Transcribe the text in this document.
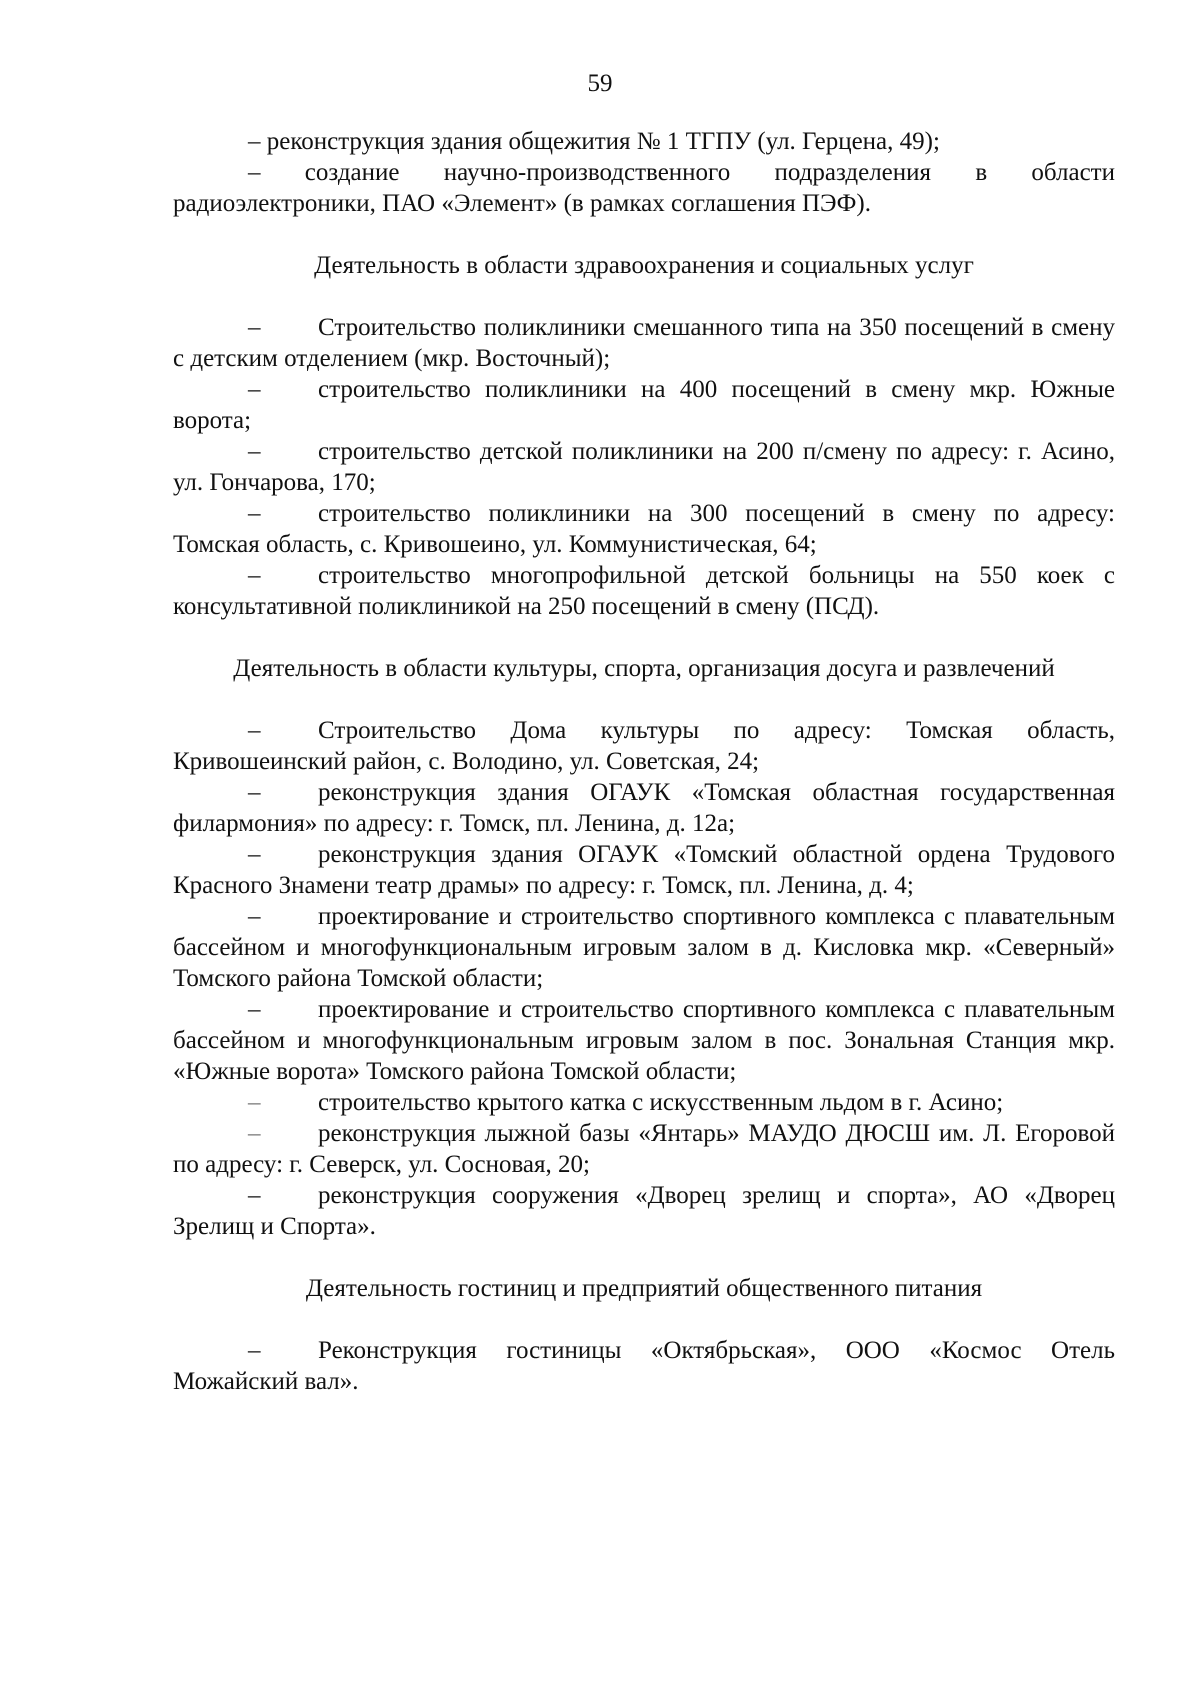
59

– реконструкция здания общежития № 1 ТГПУ (ул. Герцена, 49);

– создание научно-производственного подразделения в области радиоэлектроники, ПАО «Элемент» (в рамках соглашения ПЭФ).

Деятельность в области здравоохранения и социальных услуг

– Строительство поликлиники смешанного типа на 350 посещений в смену с детским отделением (мкр. Восточный);

– строительство поликлиники на 400 посещений в смену мкр. Южные ворота;

– строительство детской поликлиники на 200 п/смену по адресу: г. Асино, ул. Гончарова, 170;

– строительство поликлиники на 300 посещений в смену по адресу: Томская область, с. Кривошеино, ул. Коммунистическая, 64;

– строительство многопрофильной детской больницы на 550 коек с консультативной поликлиникой на 250 посещений в смену (ПСД).

Деятельность в области культуры, спорта, организация досуга и развлечений

– Строительство Дома культуры по адресу: Томская область, Кривошеинский район, с. Володино, ул. Советская, 24;

– реконструкция здания ОГАУК «Томская областная государственная филармония» по адресу: г. Томск, пл. Ленина, д. 12а;

– реконструкция здания ОГАУК «Томский областной ордена Трудового Красного Знамени театр драмы» по адресу: г. Томск, пл. Ленина, д. 4;

– проектирование и строительство спортивного комплекса с плавательным бассейном и многофункциональным игровым залом в д. Кисловка мкр. «Северный» Томского района Томской области;

– проектирование и строительство спортивного комплекса с плавательным бассейном и многофункциональным игровым залом в пос. Зональная Станция мкр. «Южные ворота» Томского района Томской области;

– строительство крытого катка с искусственным льдом в г. Асино;

– реконструкция лыжной базы «Янтарь» МАУДО ДЮСШ им. Л. Егоровой по адресу: г. Северск, ул. Сосновая, 20;

– реконструкция сооружения «Дворец зрелищ и спорта», АО «Дворец Зрелищ и Спорта».

Деятельность гостиниц и предприятий общественного питания

– Реконструкция гостиницы «Октябрьская», ООО «Космос Отель Можайский вал».
